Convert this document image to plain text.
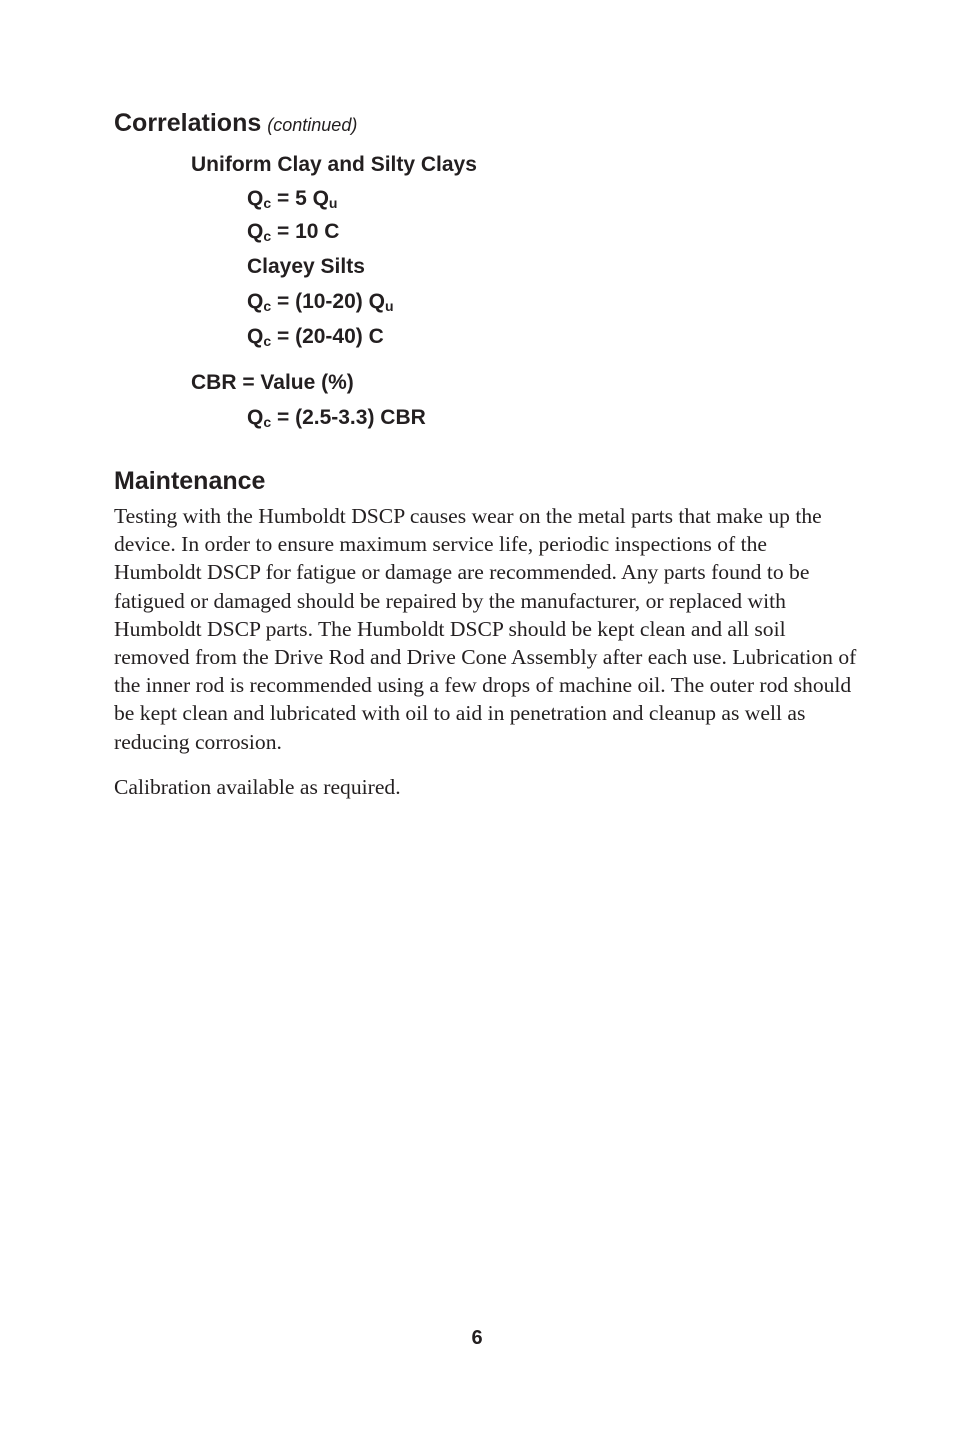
Correlations (continued)

Uniform Clay and Silty Clays

Qc = 5 Qu

Qc = 10 C

Clayey Silts

Qc = (10-20) Qu

Qc = (20-40) C

CBR = Value (%)

Qc = (2.5-3.3) CBR

Maintenance

Testing with the Humboldt DSCP causes wear on the metal parts that make up the device. In order to ensure maximum service life, periodic inspections of the Humboldt DSCP for fatigue or damage are recommended. Any parts found to be fatigued or damaged should be repaired by the manufacturer, or replaced with Humboldt DSCP parts. The Humboldt DSCP should be kept clean and all soil removed from the Drive Rod and Drive Cone Assembly after each use. Lubrication of the inner rod is recommended using a few drops of machine oil. The outer rod should be kept clean and lubricated with oil to aid in penetration and cleanup as well as reducing corrosion.

Calibration available as required.

6
